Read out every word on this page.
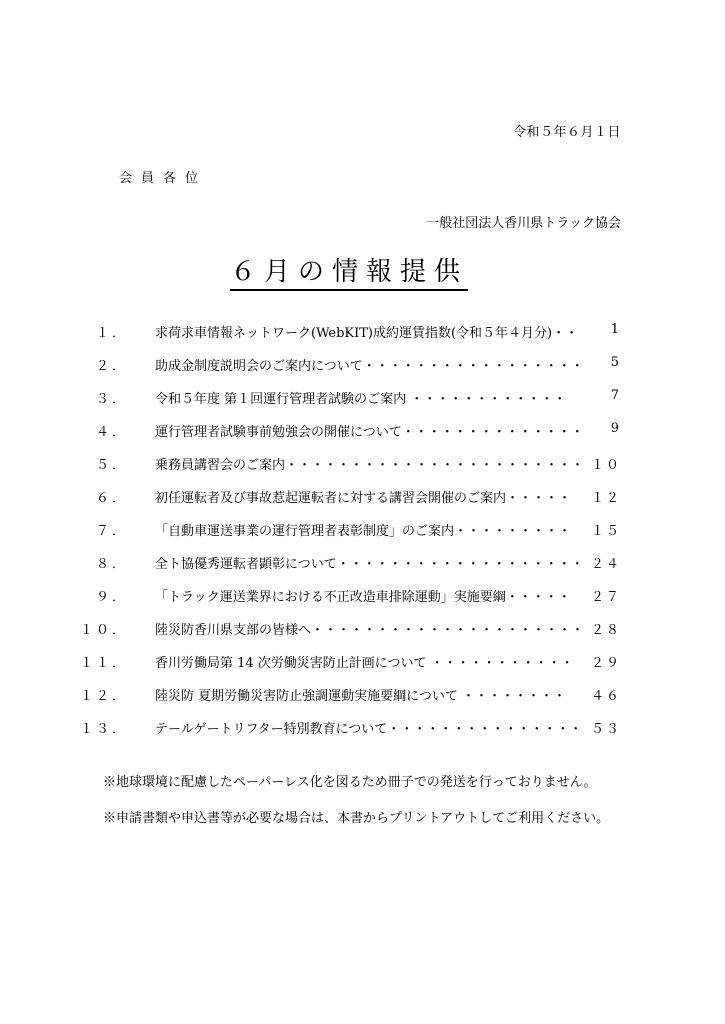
令和５年６月１日
会員各位
一般社団法人香川県トラック協会
６月の情報提供
１． 求荷求車情報ネットワーク(WebKIT)成約運賃指数(令和５年４月分)・・	1
２． 助成金制度説明会のご案内について・・・・・・・・・・・・・・・・・ 5
３． 令和５年度 第１回運行管理者試験のご案内 ・・・・・・・・・・・・	7
４． 運行管理者試験事前勉強会の開催について・・・・・・・・・・・・・・ 9
５． 乗務員講習会のご案内・・・・・・・・・・・・・・・・・・・・・・・ １０
６． 初任運転者及び事故惹起運転者に対する講習会開催のご案内・・・・・ １２
７． 「自動車運送事業の運行管理者表彰制度」のご案内・・・・・・・・・ １５
８． 全ト協優秀運転者顕彰について・・・・・・・・・・・・・・・・・・・ ２４
９． 「トラック運送業界における不正改造車排除運動」実施要綱・・・・・ ２７
１０． 陸災防香川県支部の皆様へ・・・・・・・・・・・・・・・・・・・・・ ２８
１１． 香川労働局第 14 次労働災害防止計画について ・・・・・・・・・・・ ２９
１２． 陸災防 夏期労働災害防止強調運動実施要綱について ・・・・・・・・ ４６
１３． テールゲートリフター特別教育について・・・・・・・・・・・・・・・ ５３
※地球環境に配慮したペーパーレス化を図るため冊子での発送を行っておりません。
※申請書類や申込書等が必要な場合は、本書からプリントアウトしてご利用ください。
